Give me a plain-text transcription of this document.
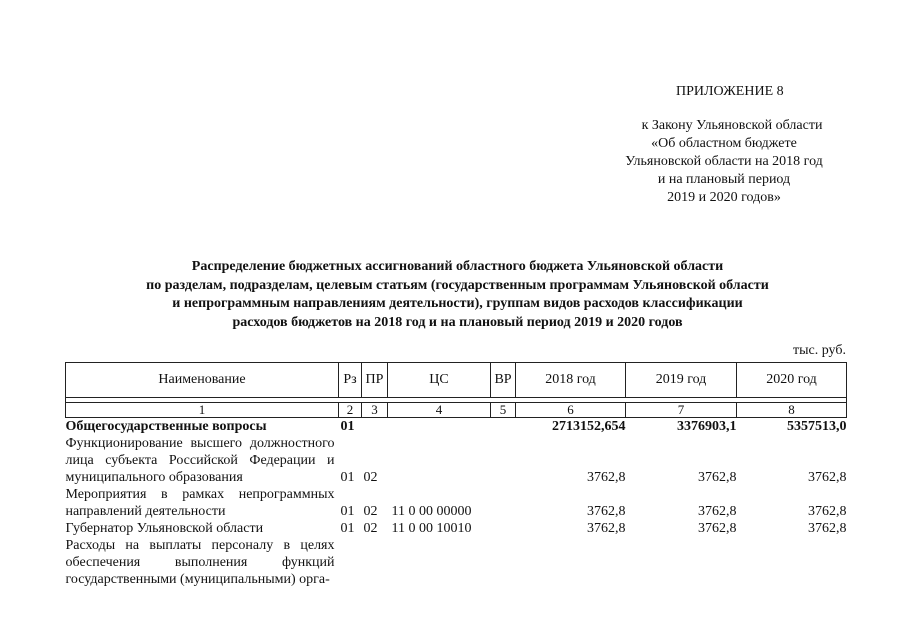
ПРИЛОЖЕНИЕ 8
к Закону Ульяновской области
«Об областном бюджете
Ульяновской области на 2018 год
и на плановый период
2019 и 2020 годов»
Распределение бюджетных ассигнований областного бюджета Ульяновской области
по разделам, подразделам, целевым статьям (государственным программам Ульяновской области
и непрограммным направлениям деятельности), группам видов расходов классификации
расходов бюджетов на 2018 год и на плановый период 2019 и 2020 годов
тыс. руб.
Наименование	Рз	ПР	ЦС	ВР	2018 год	2019 год	2020 год

1	2	3	4	5	6	7	8
Общегосударственные вопросы	01				2713152,654	3376903,1	5357513,0
Функционирование высшего должностного лица субъекта Российской Федерации и муниципального образования	01	02			3762,8	3762,8	3762,8
Мероприятия в рамках непрограммных направлений деятельности	01	02	11 0 00 00000		3762,8	3762,8	3762,8
Губернатор Ульяновской области	01	02	11 0 00 10010		3762,8	3762,8	3762,8
Расходы на выплаты персоналу в целях обеспечения выполнения функций государственными (муниципальными) орга-							
